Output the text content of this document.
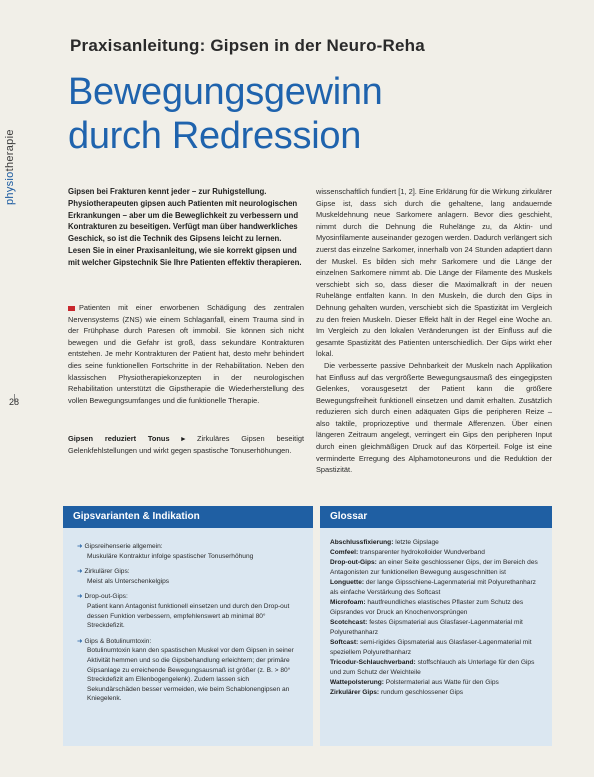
physiotherapie
28
Praxisanleitung: Gipsen in der Neuro-Reha
Bewegungsgewinn
durch Redression

Gipsen bei Frakturen kennt jeder – zur Ruhigstellung. Physiotherapeuten gipsen auch Patienten mit neurologischen Erkrankungen – aber um die Beweglichkeit zu verbessern und Kontrakturen zu beseitigen. Verfügt man über handwerkliches Geschick, so ist die Technik des Gipsens leicht zu lernen. Lesen Sie in einer Praxisanleitung, wie sie korrekt gipsen und mit welcher Gipstechnik Sie Ihre Patienten effektiv therapieren.

Patienten mit einer erworbenen Schädigung des zentralen Nervensystems (ZNS) wie einem Schlaganfall, einem Trauma sind in der Frühphase durch Paresen oft immobil. Sie können sich nicht bewegen und die Gefahr ist groß, dass sekundäre Kontrakturen entstehen. Je mehr Kontrakturen der Patient hat, desto mehr behindert dies seine funktionellen Fortschritte in der Rehabilitation. Neben den klassischen Physiotherapiekonzepten in der neurologischen Rehabilitation unterstützt die Gipstherapie die Wiederherstellung des vollen Bewegungsumfanges und die funktionelle Therapie.

Gipsen reduziert Tonus ▸ Zirkuläres Gipsen beseitigt Gelenkfehlstellungen und wirkt gegen spastische Tonuserhöhungen.

wissenschaftlich fundiert [1, 2]. Eine Erklärung für die Wirkung zirkulärer Gipse ist, dass sich durch die gehaltene, lang andauernde Muskeldehnung neue Sarkomere anlagern. Bevor dies geschieht, nimmt durch die Dehnung die Ruhelänge zu, da Aktin- und Myosinfilamente auseinander gezogen werden. Dadurch verlängert sich zuerst das einzelne Sarkomer, innerhalb von 24 Stunden adaptiert dann der Muskel. Es bilden sich mehr Sarkomere und die Länge der einzelnen Sarkomere nimmt ab. Die Länge der Filamente des Muskels verschiebt sich so, dass dieser die Maximalkraft in der neuen Ruhelänge entfalten kann. In den Muskeln, die durch den Gips in Dehnung gehalten wurden, verschiebt sich die Spastizität im Vergleich zu den freien Muskeln. Dieser Effekt hält in der Regel eine Woche an. Im Vergleich zu den lokalen Veränderungen ist der Einfluss auf die gesamte Spastizität des Patienten unterschiedlich. Der Gips wirkt eher lokal.

Die verbesserte passive Dehnbarkeit der Muskeln nach Applikation hat Einfluss auf das vergrößerte Bewegungsausmaß des eingegipsten Gelenkes, vorausgesetzt der Patient kann die größere Bewegungsfreiheit funktionell einsetzen und damit erhalten. Zusätzlich reduzieren sich durch einen adäquaten Gips die peripheren Reize – also taktile, propriozeptive und thermale Afferenzen. Über einen längeren Zeitraum angelegt, verringert ein Gips den peripheren Input durch einen gleichmäßigen Druck auf das Körperteil. Folge ist eine verminderte Erregung des Alphamotoneurons und die Reduktion der Spastizität.

Gipsvarianten & Indikation
➜ Gipsreihenserie allgemein:
Muskuläre Kontraktur infolge spastischer Tonuserhöhung
➜ Zirkulärer Gips:
Meist als Unterschenkelgips
➜ Drop-out-Gips:
Patient kann Antagonist funktionell einsetzen und durch den Drop-out dessen Funktion verbessern, empfehlenswert ab minimal 80° Streckdefizit.
➜ Gips & Botulinumtoxin:
Botulinumtoxin kann den spastischen Muskel vor dem Gipsen in seiner Aktivität hemmen und so die Gipsbehandlung erleichtern; der primäre Gipsanlage zu erreichende Bewegungsausmaß ist größer (z. B. > 80° Streckdefizit am Ellenbogengelenk). Zudem lassen sich Sekundärschäden besser vermeiden, wie beim Schablonengipsen an Kniegelenk.
Glossar
Abschlussfixierung: letzte Gipslage
Comfeel: transparenter hydrokolloider Wundverband
Drop-out-Gips: an einer Seite geschlossener Gips, der im Bereich des Antagonisten zur funktionellen Bewegung ausgeschnitten ist
Longuette: der lange Gipsschiene-Lagenmaterial mit Polyurethanharz als einfache Verstärkung des Softcast
Microfoam: hautfreundliches elastisches Pflaster zum Schutz des Gipsrandes vor Druck an Knochenvorsprüngen
Scotchcast: festes Gipsmaterial aus Glasfaser-Lagenmaterial mit Polyurethanharz
Softcast: semi-rigides Gipsmaterial aus Glasfaser-Lagenmaterial mit speziellem Polyurethanharz
Tricodur-Schlauchverband: stoffschlauch als Unterlage für den Gips und zum Schutz der Weichteile
Wattepolsterung: Polstermaterial aus Watte für den Gips
Zirkulärer Gips: rundum geschlossener Gips
